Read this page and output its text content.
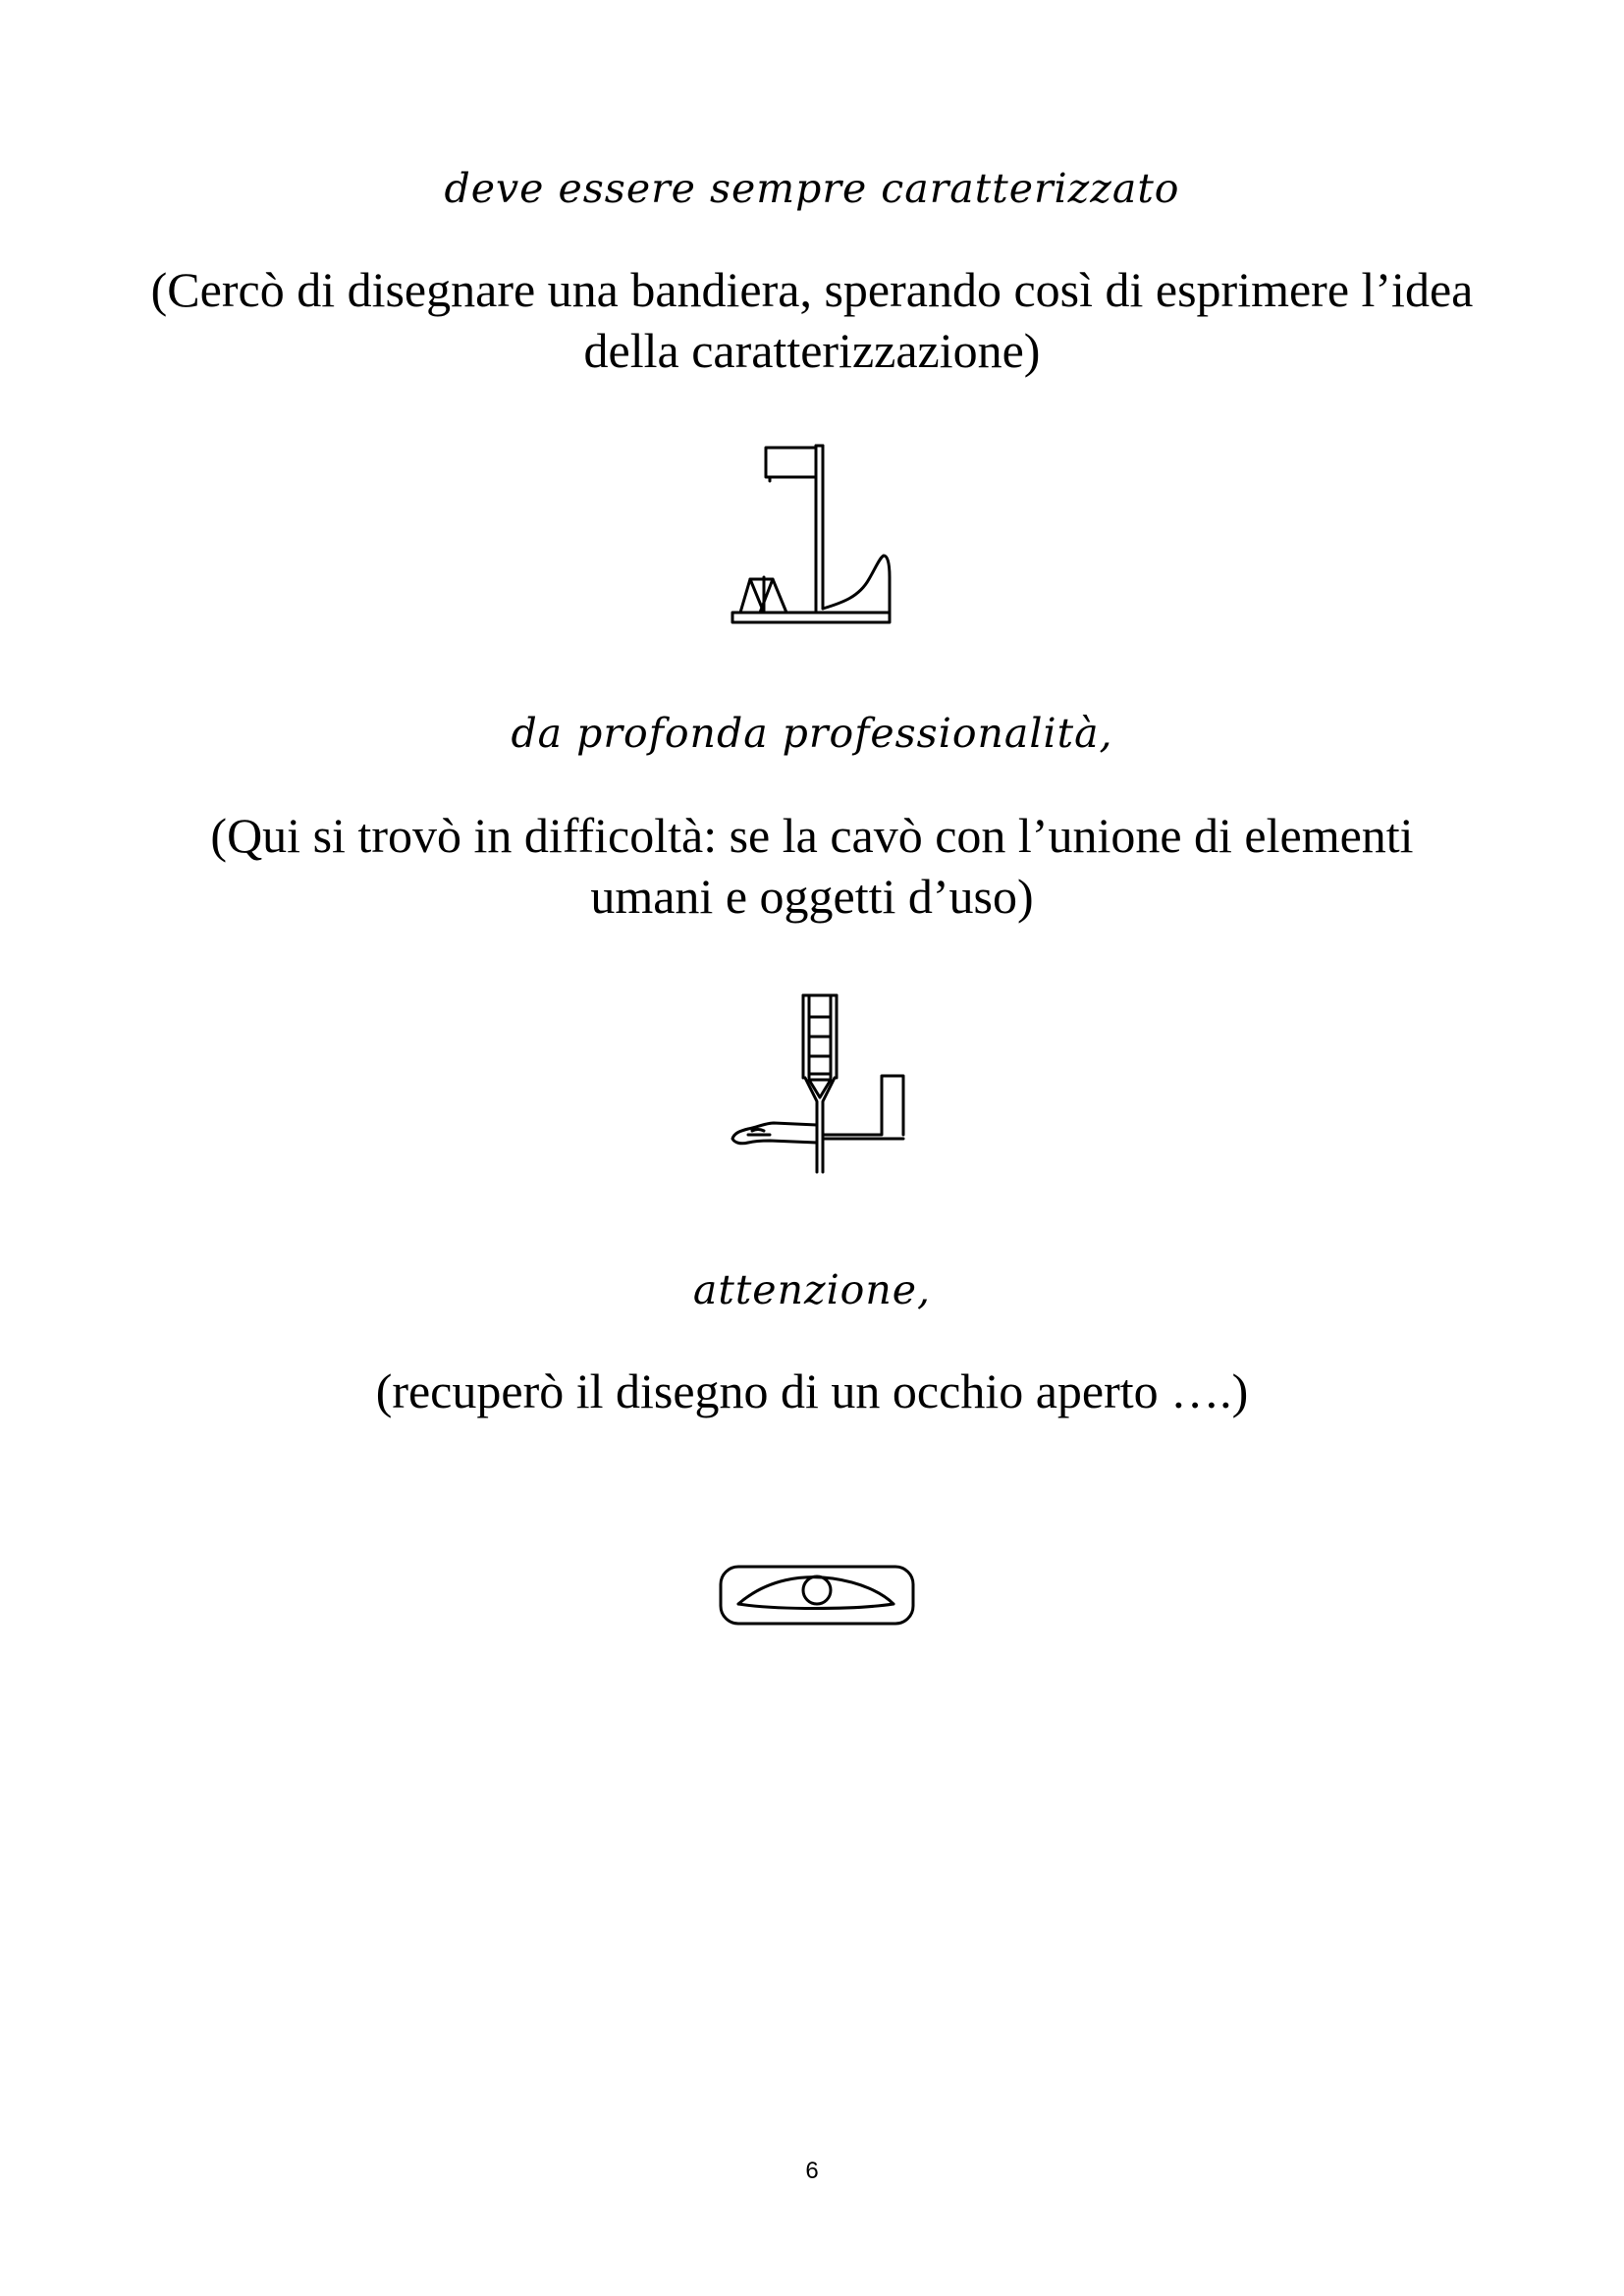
deve essere sempre caratterizzato
(Cercò di disegnare una bandiera, sperando così di esprimere l’idea della caratterizzazione)
da profonda professionalità,
(Qui si trovò in difficoltà: se la cavò con l’unione di elementi umani e oggetti d’uso)
attenzione,
(recuperò il disegno di un occhio aperto ….)
6
